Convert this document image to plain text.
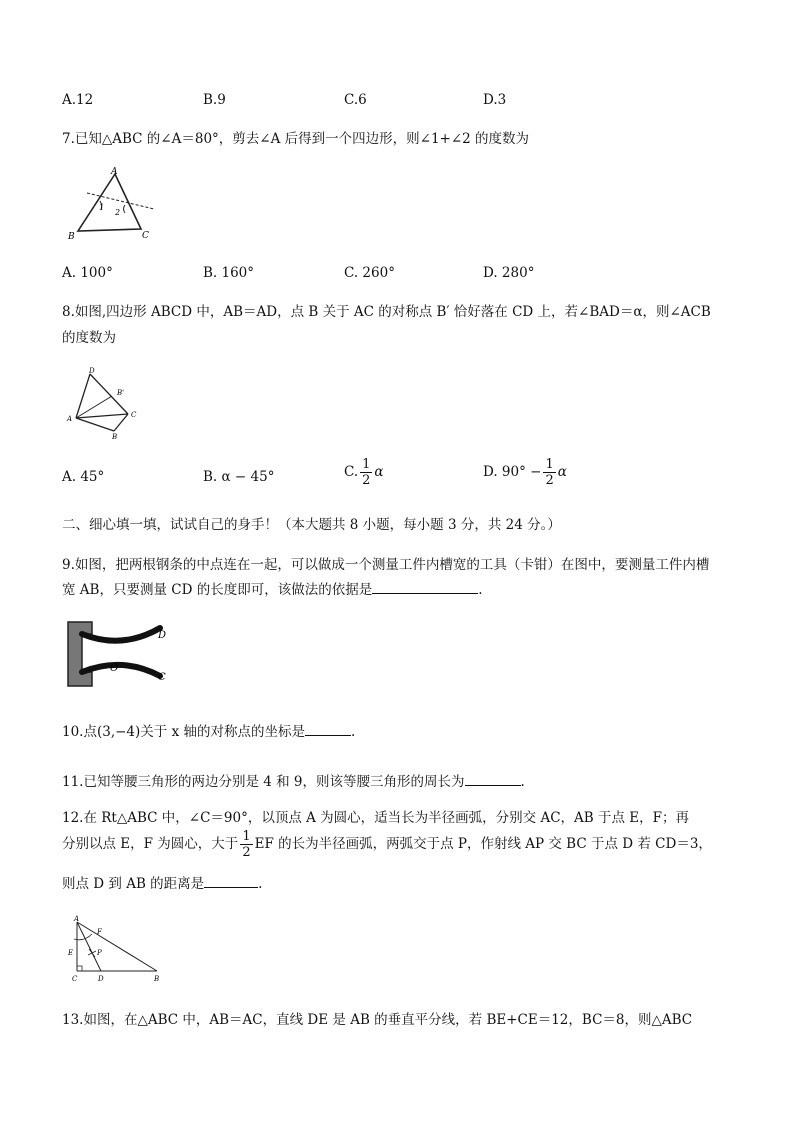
A.12	B.9	C.6	D.3
7.已知△ABC 的∠A＝80°，剪去∠A 后得到一个四边形，则∠1+∠2 的度数为
A
B	C
1
2
A. 100°	B. 160°	C. 260°	D. 280°
8.如图,四边形 ABCD 中，AB＝AD，点 B 关于 AC 的对称点 B′ 恰好落在 CD 上，若∠BAD＝α，则∠ACB
的度数为
D
B'
C
A
B
A. 45°	B. α − 45°	C. $\frac{1}{2}$ α	D. $90^\circ - \frac{1}{2}$ α
二、细心填一填，试试自己的身手！（本大题共 8 小题，每小题 3 分，共 24 分。）
9.如图，把两根钢条的中点连在一起，可以做成一个测量工件内槽宽的工具（卡钳）在图中，要测量工件内槽
宽 AB，只要测量 CD 的长度即可，该做法的依据是	.
D
O
C
10.点(3,−4)关于 x 轴的对称点的坐标是	.
11.已知等腰三角形的两边分别是 4 和 9，则该等腰三角形的周长为	.
12.在 Rt△ABC 中，∠C＝90°，以顶点 A 为圆心，适当长为半径画弧，分别交 AC，AB 于点 E，F；再
分别以点 E，F 为圆心，大于 $\frac{1}{2}$ EF 的长为半径画弧，两弧交于点 P，作射线 AP 交 BC 于点 D 若 CD＝3，
则点 D 到 AB 的距离是	.
A
F
E	P
C	D	B
13.如图，在△ABC 中，AB＝AC，直线 DE 是 AB 的垂直平分线，若 BE+CE＝12，BC＝8，则△ABC
